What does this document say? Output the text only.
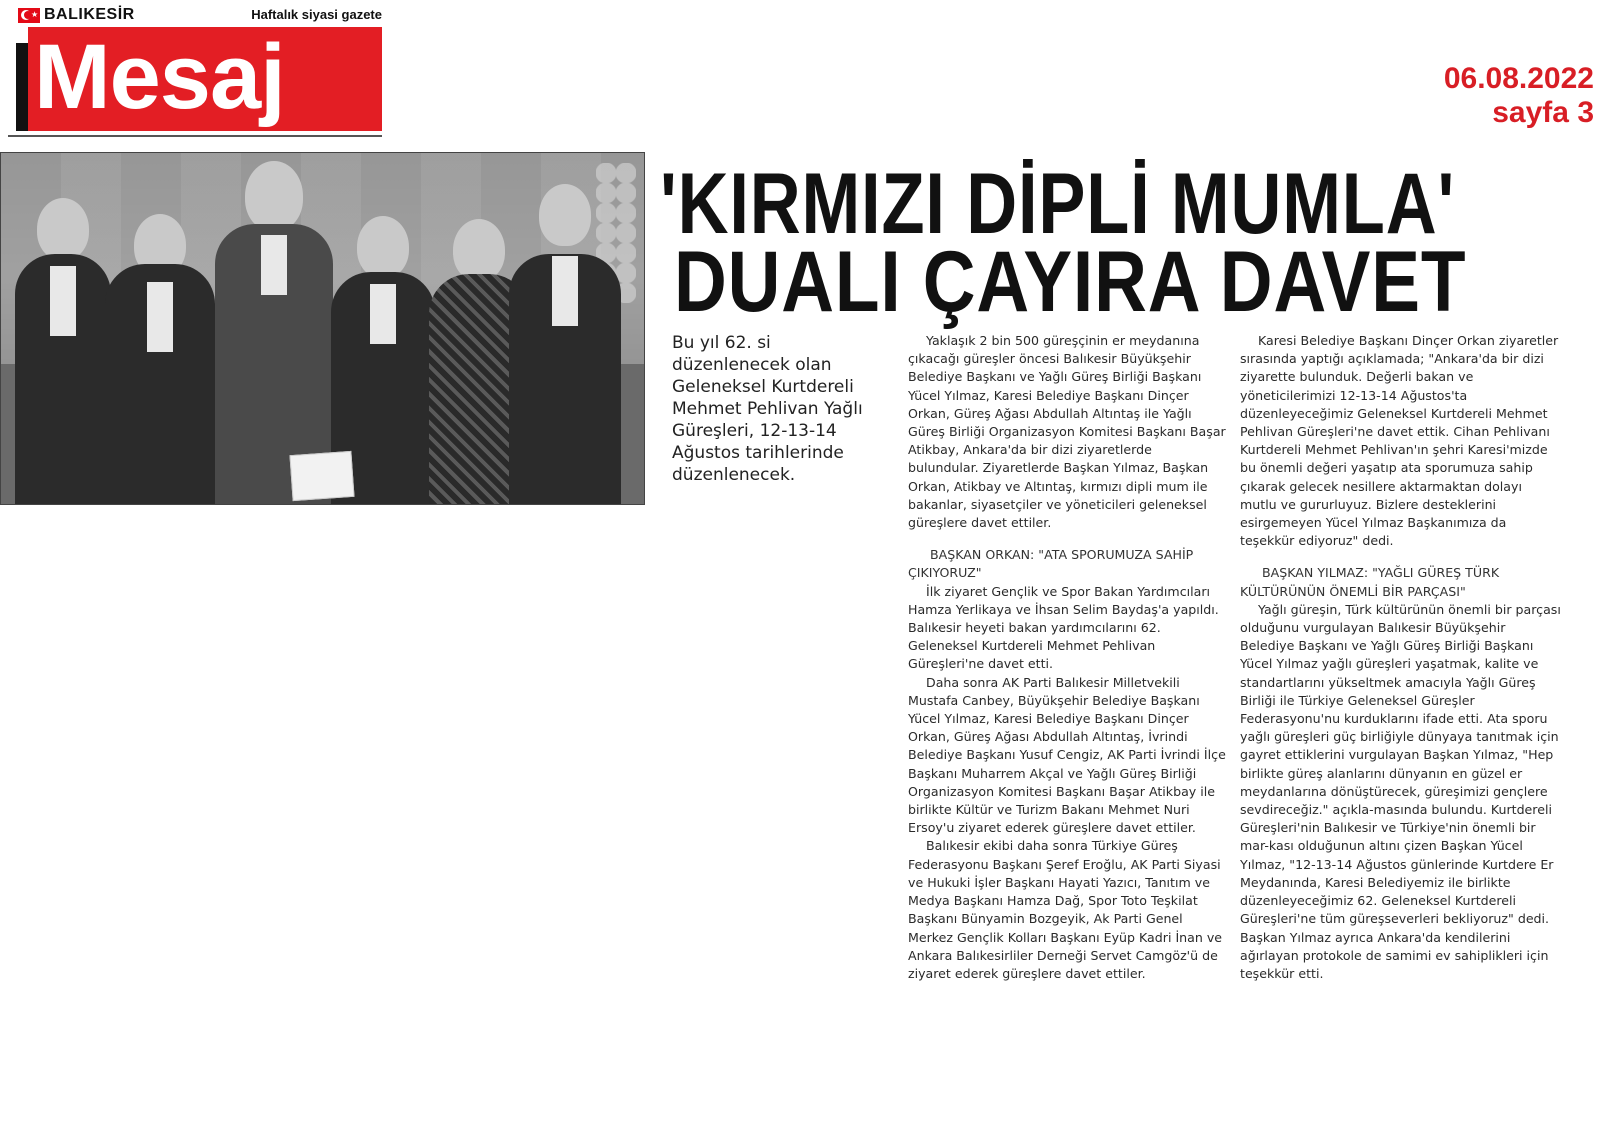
★ BALIKESİR	Haftalık siyasi gazete
Mesaj	06.08.2022
sayfa 3
'KIRMIZI DİPLİ MUMLA'
DUALI ÇAYIRA DAVET
Bu yıl 62. si düzenlenecek olan Geleneksel Kurtdereli Mehmet Pehlivan Yağlı Güreşleri, 12-13-14 Ağustos tarihlerinde düzenlenecek.

Yaklaşık 2 bin 500 güreşçinin er meydanına çıkacağı güreşler öncesi Balıkesir Büyükşehir Belediye Başkanı ve Yağlı Güreş Birliği Başkanı Yücel Yılmaz, Karesi Belediye Başkanı Dinçer Orkan, Güreş Ağası Abdullah Altıntaş ile Yağlı Güreş Birliği Organizasyon Komitesi Başkanı Başar Atikbay, Ankara'da bir dizi ziyaretlerde bulundular. Ziyaretlerde Başkan Yılmaz, Başkan Orkan, Atikbay ve Altıntaş, kırmızı dipli mum ile bakanlar, siyasetçiler ve yöneticileri geleneksel güreşlere davet ettiler.

BAŞKAN ORKAN: "ATA SPORUMUZA SAHİP ÇIKIYORUZ"

İlk ziyaret Gençlik ve Spor Bakan Yardımcıları Hamza Yerlikaya ve İhsan Selim Baydaş'a yapıldı. Balıkesir heyeti bakan yardımcılarını 62. Geleneksel Kurtdereli Mehmet Pehlivan Güreşleri'ne davet etti.

Daha sonra AK Parti Balıkesir Milletvekili Mustafa Canbey, Büyükşehir Belediye Başkanı Yücel Yılmaz, Karesi Belediye Başkanı Dinçer Orkan, Güreş Ağası Abdullah Altıntaş, İvrindi Belediye Başkanı Yusuf Cengiz, AK Parti İvrindi İlçe Başkanı Muharrem Akçal ve Yağlı Güreş Birliği Organizasyon Komitesi Başkanı Başar Atikbay ile birlikte Kültür ve Turizm Bakanı Mehmet Nuri Ersoy'u ziyaret ederek güreşlere davet ettiler.

Balıkesir ekibi daha sonra Türkiye Güreş Federasyonu Başkanı Şeref Eroğlu, AK Parti Siyasi ve Hukuki İşler Başkanı Hayati Yazıcı, Tanıtım ve Medya Başkanı Hamza Dağ, Spor Toto Teşkilat Başkanı Bünyamin Bozgeyik, Ak Parti Genel Merkez Gençlik Kolları Başkanı Eyüp Kadri İnan ve Ankara Balıkesirliler Derneği Servet Camgöz'ü de ziyaret ederek güreşlere davet ettiler.

Karesi Belediye Başkanı Dinçer Orkan ziyaretler sırasında yaptığı açıklamada; "Ankara'da bir dizi ziyarette bulunduk. Değerli bakan ve yöneticilerimizi 12-13-14 Ağustos'ta düzenleyeceğimiz Geleneksel Kurtdereli Mehmet Pehlivan Güreşleri'ne davet ettik. Cihan Pehlivanı Kurtdereli Mehmet Pehlivan'ın şehri Karesi'mizde bu önemli değeri yaşatıp ata sporumuza sahip çıkarak gelecek nesillere aktarmaktan dolayı mutlu ve gururluyuz. Bizlere desteklerini esirgemeyen Yücel Yılmaz Başkanımıza da teşekkür ediyoruz" dedi.

BAŞKAN YILMAZ: "YAĞLI GÜREŞ TÜRK KÜLTÜRÜNÜN ÖNEMLİ BİR PARÇASI"

Yağlı güreşin, Türk kültürünün önemli bir parçası olduğunu vurgulayan Balıkesir Büyükşehir Belediye Başkanı ve Yağlı Güreş Birliği Başkanı Yücel Yılmaz yağlı güreşleri yaşatmak, kalite ve standartlarını yükseltmek amacıyla Yağlı Güreş Birliği ile Türkiye Geleneksel Güreşler Federasyonu'nu kurduklarını ifade etti. Ata sporu yağlı güreşleri güç birliğiyle dünyaya tanıtmak için gayret ettiklerini vurgulayan Başkan Yılmaz, "Hep birlikte güreş alanlarını dünyanın en güzel er meydanlarına dönüştürecek, güreşimizi gençlere sevdireceğiz." açıkla-masında bulundu. Kurtdereli Güreşleri'nin Balıkesir ve Türkiye'nin önemli bir mar-kası olduğunun altını çizen Başkan Yücel Yılmaz, "12-13-14 Ağustos günlerinde Kurtdere Er Meydanında, Karesi Belediyemiz ile birlikte düzenleyeceğimiz 62. Geleneksel Kurtdereli Güreşleri'ne tüm güreşseverleri bekliyoruz" dedi. Başkan Yılmaz ayrıca Ankara'da kendilerini ağırlayan protokole de samimi ev sahiplikleri için teşekkür etti.
